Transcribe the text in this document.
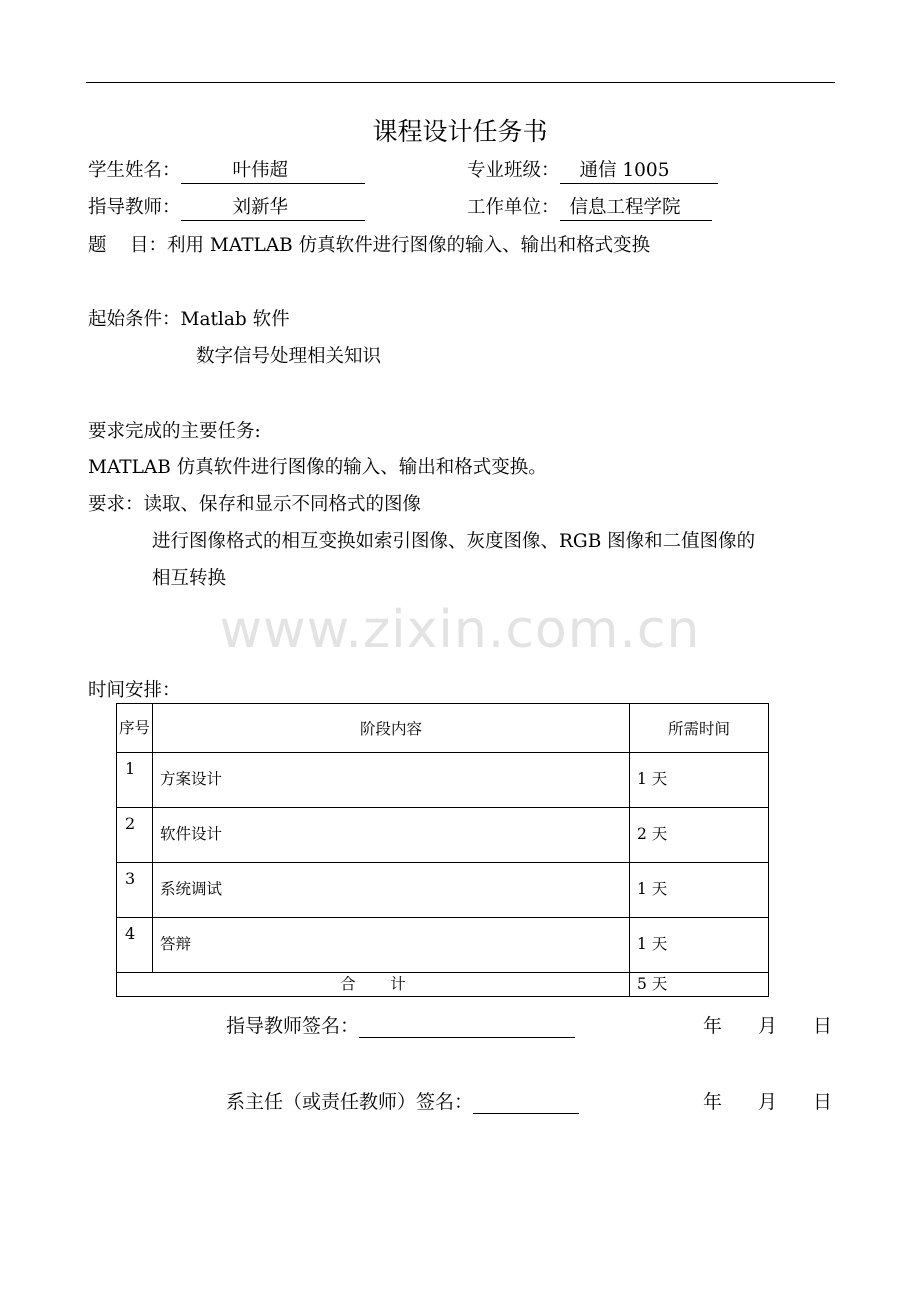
课程设计任务书
学生姓名：	叶伟超	专业班级： 通信 1005
指导教师：	刘新华	工作单位： 信息工程学院
题    目：利用 MATLAB 仿真软件进行图像的输入、输出和格式变换
起始条件：Matlab 软件
数字信号处理相关知识
要求完成的主要任务:
MATLAB 仿真软件进行图像的输入、输出和格式变换。
要求：读取、保存和显示不同格式的图像
进行图像格式的相互变换如索引图像、灰度图像、RGB 图像和二值图像的
相互转换
www.zixin.com.cn
时间安排：
序号	阶段内容	所需时间
1	方案设计	1 天
2	软件设计	2 天
3	系统调试	1 天
4	答辩	1 天
合       计		5 天
指导教师签名：	年 月 日
系主任（或责任教师）签名：	年 月 日
